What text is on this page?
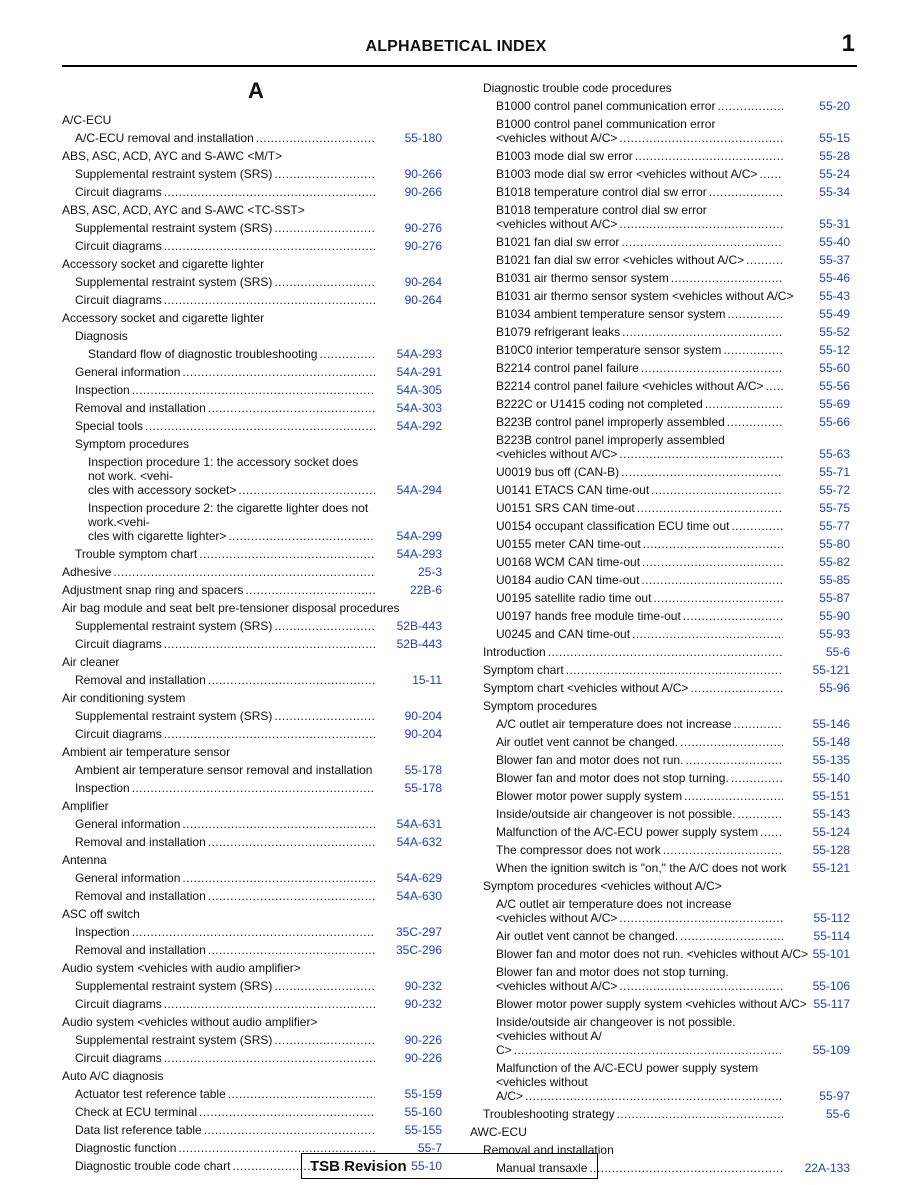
ALPHABETICAL INDEX	1
A
A/C-ECU
A/C-ECU removal and installation .....	55-180
ABS, ASC, ACD, AYC and S-AWC <M/T>
Supplemental restraint system (SRS) .....	90-266
Circuit diagrams .....	90-266
ABS, ASC, ACD, AYC and S-AWC <TC-SST>
Supplemental restraint system (SRS) .....	90-276
Circuit diagrams .....	90-276
Accessory socket and cigarette lighter
Supplemental restraint system (SRS) .....	90-264
Circuit diagrams .....	90-264
Accessory socket and cigarette lighter
Diagnosis
Standard flow of diagnostic troubleshooting .....	54A-293
General information .....	54A-291
Inspection .....	54A-305
Removal and installation .....	54A-303
Special tools .....	54A-292
Symptom procedures
Inspection procedure 1: the accessory socket does not work. <vehi-
cles with accessory socket> .....	54A-294
Inspection procedure 2: the cigarette lighter does not work.<vehi-
cles with cigarette lighter> .....	54A-299
Trouble symptom chart .....	54A-293
Adhesive .....	25-3
Adjustment snap ring and spacers .....	22B-6
Air bag module and seat belt pre-tensioner disposal procedures
Supplemental restraint system (SRS) .....	52B-443
Circuit diagrams .....	52B-443
Air cleaner
Removal and installation .....	15-11
Air conditioning system
Supplemental restraint system (SRS) .....	90-204
Circuit diagrams .....	90-204
Ambient air temperature sensor
Ambient air temperature sensor removal and installation	55-178
Inspection .....	55-178
Amplifier
General information .....	54A-631
Removal and installation .....	54A-632
Antenna
General information .....	54A-629
Removal and installation .....	54A-630
ASC off switch
Inspection .....	35C-297
Removal and installation .....	35C-296
Audio system <vehicles with audio amplifier>
Supplemental restraint system (SRS) .....	90-232
Circuit diagrams .....	90-232
Audio system <vehicles without audio amplifier>
Supplemental restraint system (SRS) .....	90-226
Circuit diagrams .....	90-226
Auto A/C diagnosis
Actuator test reference table .....	55-159
Check at ECU terminal .....	55-160
Data list reference table .....	55-155
Diagnostic function .....	55-7
Diagnostic trouble code chart .....	55-10
Diagnostic trouble code procedures
B1000 control panel communication error .....	55-20
B1000 control panel communication error
<vehicles without A/C> .....	55-15
B1003 mode dial sw error .....	55-28
B1003 mode dial sw error <vehicles without A/C> .....	55-24
B1018 temperature control dial sw error .....	55-34
B1018 temperature control dial sw error
<vehicles without A/C> .....	55-31
B1021 fan dial sw error .....	55-40
B1021 fan dial sw error <vehicles without A/C> .....	55-37
B1031 air thermo sensor system .....	55-46
B1031 air thermo sensor system <vehicles without A/C> 55-43
B1034 ambient temperature sensor system .....	55-49
B1079 refrigerant leaks .....	55-52
B10C0 interior temperature sensor system .....	55-12
B2214 control panel failure .....	55-60
B2214 control panel failure <vehicles without A/C> .....	55-56
B222C or U1415 coding not completed .....	55-69
B223B control panel improperly assembled .....	55-66
B223B control panel improperly assembled
<vehicles without A/C> .....	55-63
U0019 bus off (CAN-B) .....	55-71
U0141 ETACS CAN time-out .....	55-72
U0151 SRS CAN time-out .....	55-75
U0154 occupant classification ECU time out .....	55-77
U0155 meter CAN time-out .....	55-80
U0168 WCM CAN time-out .....	55-82
U0184 audio CAN time-out .....	55-85
U0195 satellite radio time out .....	55-87
U0197 hands free module time-out .....	55-90
U0245 and CAN time-out .....	55-93
Introduction .....	55-6
Symptom chart .....	55-121
Symptom chart <vehicles without A/C> .....	55-96
Symptom procedures
A/C outlet air temperature does not increase .....	55-146
Air outlet vent cannot be changed. .....	55-148
Blower fan and motor does not run. .....	55-135
Blower fan and motor does not stop turning. .....	55-140
Blower motor power supply system .....	55-151
Inside/outside air changeover is not possible. .....	55-143
Malfunction of the A/C-ECU power supply system .....	55-124
The compressor does not work .....	55-128
When the ignition switch is "on," the A/C does not work 55-121
Symptom procedures <vehicles without A/C>
A/C outlet air temperature does not increase
<vehicles without A/C> .....	55-112
Air outlet vent cannot be changed. .....	55-114
Blower fan and motor does not run. <vehicles without A/C> 55-101
Blower fan and motor does not stop turning.
<vehicles without A/C> .....	55-106
Blower motor power supply system <vehicles without A/C> 55-117
Inside/outside air changeover is not possible. <vehicles without A/
C> .....	55-109
Malfunction of the A/C-ECU power supply system <vehicles without
A/C> .....	55-97
Troubleshooting strategy .....	55-6
AWC-ECU
Removal and installation
Manual transaxle .....	22A-133
TSB Revision
